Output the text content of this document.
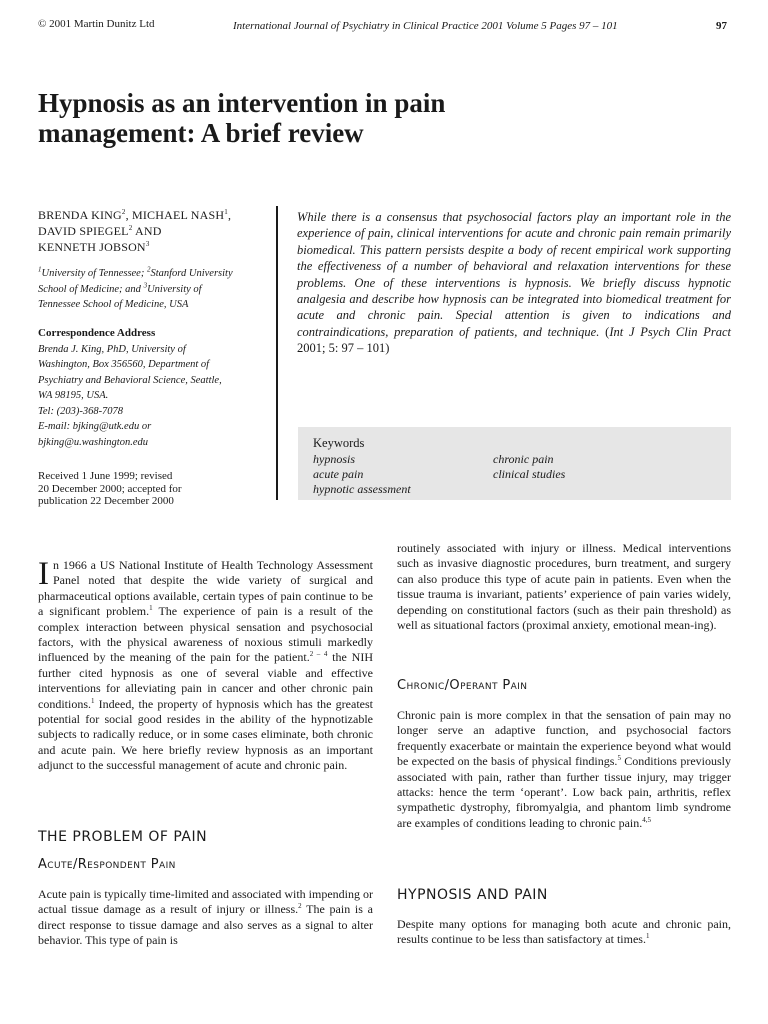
© 2001 Martin Dunitz Ltd	International Journal of Psychiatry in Clinical Practice 2001 Volume 5 Pages 97 – 101	97
Hypnosis as an intervention in pain
management: A brief review
BRENDA KING$^2$, MICHAEL NASH$^1$,
DAVID SPIEGEL$^2$ AND
KENNETH JOBSON$^3$
$^1$University of Tennessee; $^2$Stanford University
School of Medicine; and $^3$University of
Tennessee School of Medicine, USA
Correspondence Address
Brenda J. King, PhD, University of
Washington, Box 356560, Department of
Psychiatry and Behavioral Science, Seattle,
WA 98195, USA.
Tel: (203)-368-7078
E-mail: bjking@utk.edu or
bjking@u.washington.edu
Received 1 June 1999; revised
20 December 2000; accepted for
publication 22 December 2000
While there is a consensus that psychosocial factors play an important role in the experience of pain, clinical interventions for acute and chronic pain remain primarily biomedical. This pattern persists despite a body of recent empirical work supporting the effectiveness of a number of behavioral and relaxation interventions for these problems. One of these interventions is hypnosis. We briefly discuss hypnotic analgesia and describe how hypnosis can be integrated into biomedical treatment for acute and chronic pain. Special attention is given to indications and contraindications, preparation of patients, and technique. (Int J Psych Clin Pract 2001; 5: 97 – 101)
Keywords
hypnosis
acute pain
hypnotic assessment
chronic pain
clinical studies

In 1966 a US National Institute of Health Technology Assessment Panel noted that despite the wide variety of surgical and pharmaceutical options available, certain types of pain continue to be a significant problem.$^1$ The experience of pain is a result of the complex interaction between physical sensation and psychosocial factors, with the physical awareness of noxious stimuli markedly influenced by the meaning of the pain for the patient.$^{2 - 4}$ the NIH further cited hypnosis as one of several viable and effective interventions for alleviating pain in cancer and other chronic pain conditions.$^1$ Indeed, the property of hypnosis which has the greatest potential for social good resides in the ability of the hypnotizable subjects to radically reduce, or in some cases eliminate, both chronic and acute pain. We here briefly review hypnosis as an important adjunct to the successful management of acute and chronic pain.

THE PROBLEM OF PAIN
Acute/Respondent Pain

Acute pain is typically time-limited and associated with impending or actual tissue damage as a result of injury or illness.$^2$ The pain is a direct response to tissue damage and also serves as a signal to alter behavior. This type of pain is

routinely associated with injury or illness. Medical interventions such as invasive diagnostic procedures, burn treatment, and surgery can also produce this type of acute pain in patients. Even when the tissue trauma is invariant, patients’ experience of pain varies widely, depending on constitutional factors (such as their pain threshold) as well as situational factors (proximal anxiety, emotional mean-ing).

Chronic/Operant Pain

Chronic pain is more complex in that the sensation of pain may no longer serve an adaptive function, and psychosocial factors frequently exacerbate or maintain the experience beyond what would be expected on the basis of physical findings.$^5$ Conditions previously associated with pain, rather than further tissue injury, may trigger attacks: hence the term ‘operant’. Low back pain, arthritis, reflex sympathetic dystrophy, fibromyalgia, and phantom limb syndrome are examples of conditions leading to chronic pain.$^{4,5}$

HYPNOSIS AND PAIN

Despite many options for managing both acute and chronic pain, results continue to be less than satisfactory at times.$^1$
